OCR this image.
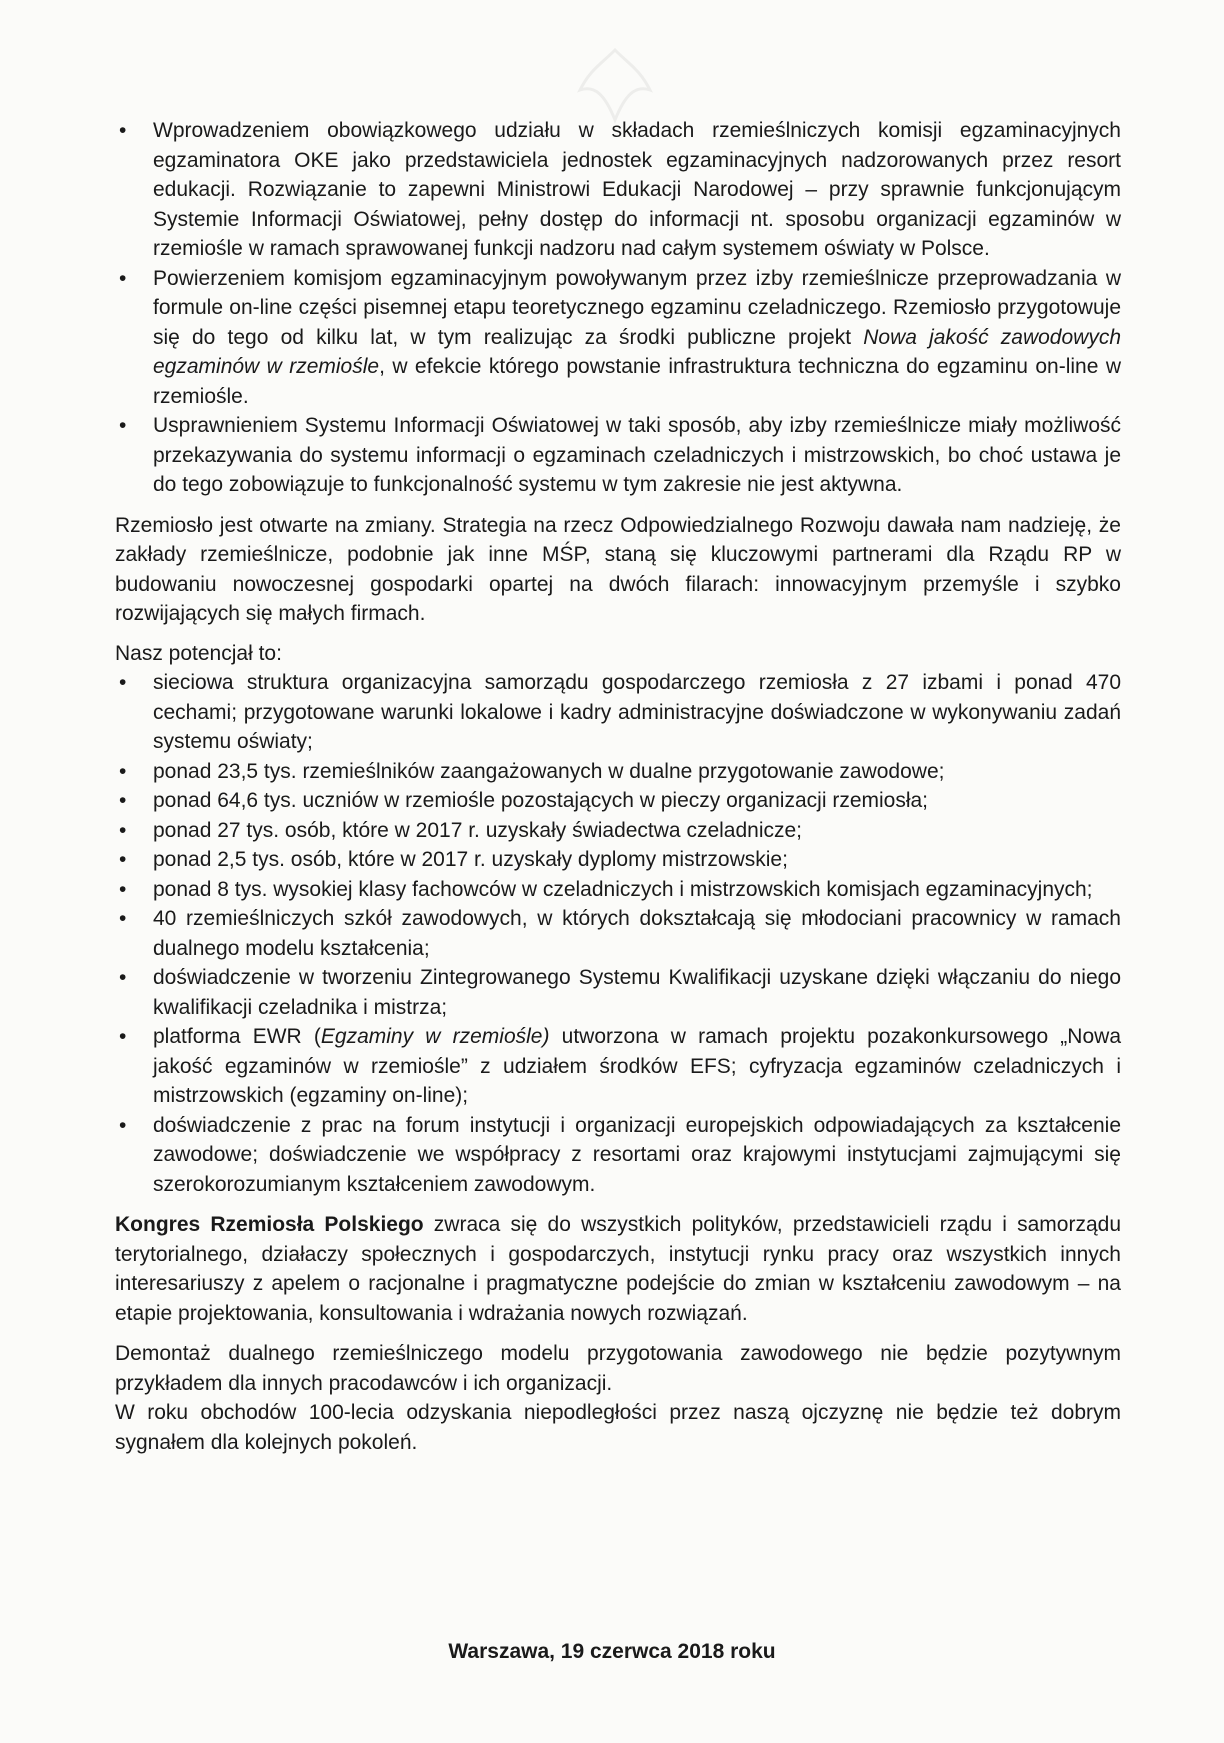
• Wprowadzeniem obowiązkowego udziału w składach rzemieślniczych komisji egzaminacyjnych egzaminatora OKE jako przedstawiciela jednostek egzaminacyjnych nadzorowanych przez resort edukacji. Rozwiązanie to zapewni Ministrowi Edukacji Narodowej – przy sprawnie funkcjonującym Systemie Informacji Oświatowej, pełny dostęp do informacji nt. sposobu organizacji egzaminów w rzemiośle w ramach sprawowanej funkcji nadzoru nad całym systemem oświaty w Polsce.
• Powierzeniem komisjom egzaminacyjnym powoływanym przez izby rzemieślnicze przeprowadzania w formule on-line części pisemnej etapu teoretycznego egzaminu czeladniczego. Rzemiosło przygotowuje się do tego od kilku lat, w tym realizując za środki publiczne projekt Nowa jakość zawodowych egzaminów w rzemiośle, w efekcie którego powstanie infrastruktura techniczna do egzaminu on-line w rzemiośle.
• Usprawnieniem Systemu Informacji Oświatowej w taki sposób, aby izby rzemieślnicze miały możliwość przekazywania do systemu informacji o egzaminach czeladniczych i mistrzowskich, bo choć ustawa je do tego zobowiązuje to funkcjonalność systemu w tym zakresie nie jest aktywna.

Rzemiosło jest otwarte na zmiany. Strategia na rzecz Odpowiedzialnego Rozwoju dawała nam nadzieję, że zakłady rzemieślnicze, podobnie jak inne MŚP, staną się kluczowymi partnerami dla Rządu RP w budowaniu nowoczesnej gospodarki opartej na dwóch filarach: innowacyjnym przemyśle i szybko rozwijających się małych firmach.

Nasz potencjał to:

• sieciowa struktura organizacyjna samorządu gospodarczego rzemiosła z 27 izbami i ponad 470 cechami; przygotowane warunki lokalowe i kadry administracyjne doświadczone w wykonywaniu zadań systemu oświaty;
• ponad 23,5 tys. rzemieślników zaangażowanych w dualne przygotowanie zawodowe;
• ponad 64,6 tys. uczniów w rzemiośle pozostających w pieczy organizacji rzemiosła;
• ponad 27 tys. osób, które w 2017 r. uzyskały świadectwa czeladnicze;
• ponad 2,5 tys. osób, które w 2017 r. uzyskały dyplomy mistrzowskie;
• ponad 8 tys. wysokiej klasy fachowców w czeladniczych i mistrzowskich komisjach egzaminacyjnych;
• 40 rzemieślniczych szkół zawodowych, w których dokształcają się młodociani pracownicy w ramach dualnego modelu kształcenia;
• doświadczenie w tworzeniu Zintegrowanego Systemu Kwalifikacji uzyskane dzięki włączaniu do niego kwalifikacji czeladnika i mistrza;
• platforma EWR (Egzaminy w rzemiośle) utworzona w ramach projektu pozakonkursowego „Nowa jakość egzaminów w rzemiośle” z udziałem środków EFS; cyfryzacja egzaminów czeladniczych i mistrzowskich (egzaminy on-line);
• doświadczenie z prac na forum instytucji i organizacji europejskich odpowiadających za kształcenie zawodowe; doświadczenie we współpracy z resortami oraz krajowymi instytucjami zajmującymi się szerokorozumianym kształceniem zawodowym.

Kongres Rzemiosła Polskiego zwraca się do wszystkich polityków, przedstawicieli rządu i samorządu terytorialnego, działaczy społecznych i gospodarczych, instytucji rynku pracy oraz wszystkich innych interesariuszy z apelem o racjonalne i pragmatyczne podejście do zmian w kształceniu zawodowym – na etapie projektowania, konsultowania i wdrażania nowych rozwiązań.

Demontaż dualnego rzemieślniczego modelu przygotowania zawodowego nie będzie pozytywnym przykładem dla innych pracodawców i ich organizacji.

W roku obchodów 100-lecia odzyskania niepodległości przez naszą ojczyznę nie będzie też dobrym sygnałem dla kolejnych pokoleń.

Warszawa, 19 czerwca 2018 roku
